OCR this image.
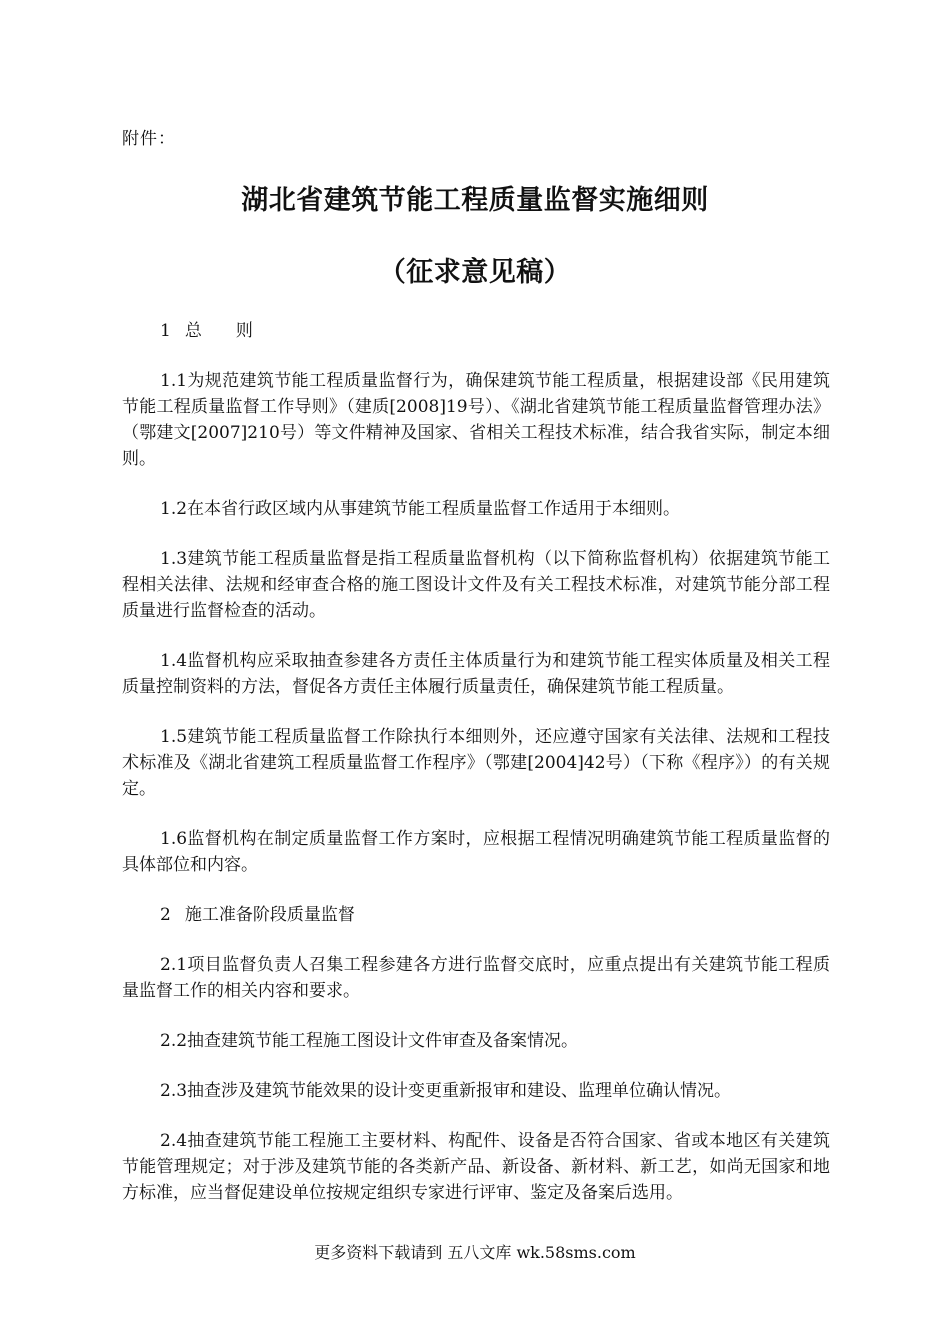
附件：
湖北省建筑节能工程质量监督实施细则
（征求意见稿）
1 总　　则

1.1为规范建筑节能工程质量监督行为，确保建筑节能工程质量，根据建设部《民用建筑节能工程质量监督工作导则》（建质[2008]19号）、《湖北省建筑节能工程质量监督管理办法》（鄂建文[2007]210号）等文件精神及国家、省相关工程技术标准，结合我省实际，制定本细则。

1.2在本省行政区域内从事建筑节能工程质量监督工作适用于本细则。

1.3建筑节能工程质量监督是指工程质量监督机构（以下简称监督机构）依据建筑节能工程相关法律、法规和经审查合格的施工图设计文件及有关工程技术标准，对建筑节能分部工程质量进行监督检查的活动。

1.4监督机构应采取抽查参建各方责任主体质量行为和建筑节能工程实体质量及相关工程质量控制资料的方法，督促各方责任主体履行质量责任，确保建筑节能工程质量。

1.5建筑节能工程质量监督工作除执行本细则外，还应遵守国家有关法律、法规和工程技术标准及《湖北省建筑工程质量监督工作程序》（鄂建[2004]42号）（下称《程序》）的有关规定。

1.6监督机构在制定质量监督工作方案时，应根据工程情况明确建筑节能工程质量监督的具体部位和内容。

2 施工准备阶段质量监督

2.1项目监督负责人召集工程参建各方进行监督交底时，应重点提出有关建筑节能工程质量监督工作的相关内容和要求。

2.2抽查建筑节能工程施工图设计文件审查及备案情况。

2.3抽查涉及建筑节能效果的设计变更重新报审和建设、监理单位确认情况。

2.4抽查建筑节能工程施工主要材料、构配件、设备是否符合国家、省或本地区有关建筑节能管理规定；对于涉及建筑节能的各类新产品、新设备、新材料、新工艺，如尚无国家和地方标准，应当督促建设单位按规定组织专家进行评审、鉴定及备案后选用。

更多资料下载请到 五八文库 wk.58sms.com
